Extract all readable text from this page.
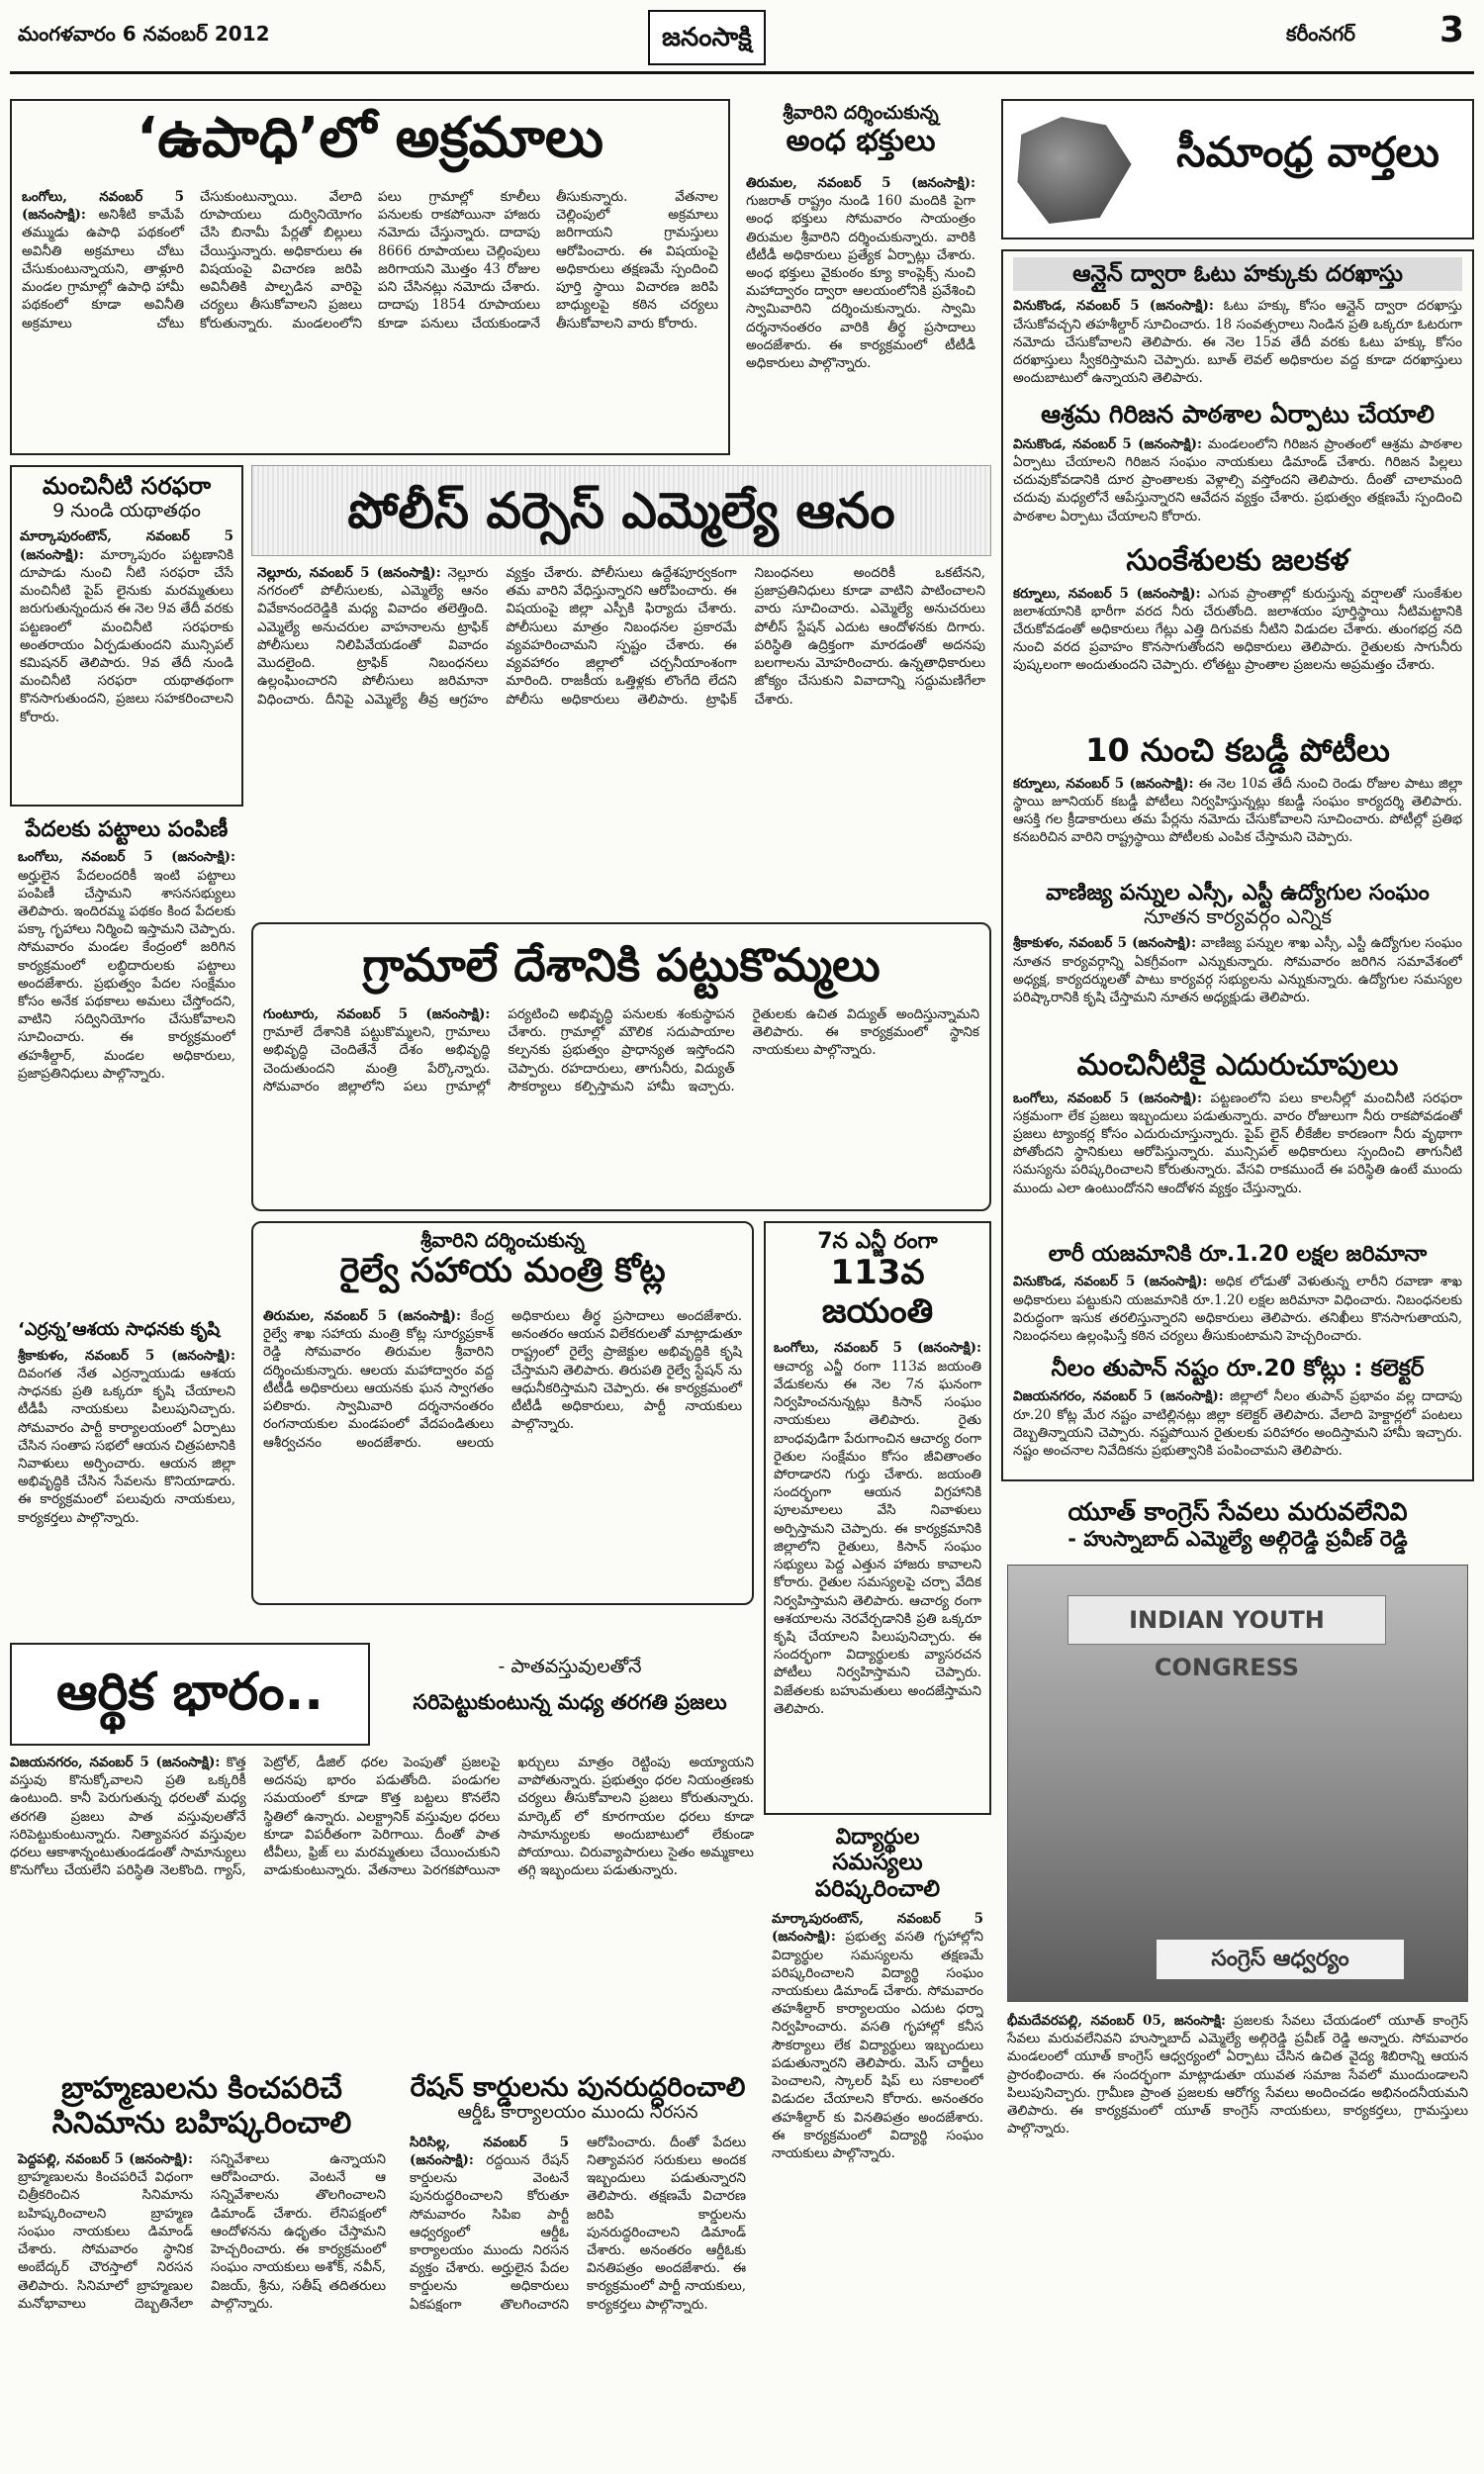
మంగళవారం 6 నవంబర్ 2012	జనంసాక్షి	కరీంనగర్ 3
‘ఉపాధి’లో అక్రమాలు
ఒంగోలు, నవంబర్ 5 (జనంసాక్షి): అనిశీటి కామేపే తమ్ముడు ఉపాధి పథకంలో అవినీతి అక్రమాలు చోటు చేసుకుంటున్నాయని, తాళ్లూరి మండల గ్రామాల్లో ఉపాధి హామీ పథకంలో కూడా అవినీతి అక్రమాలు చోటు చేసుకుంటున్నాయి. వేలాది రూపాయలు దుర్వినియోగం చేసి బినామీ పేర్లతో బిల్లులు చేయిస్తున్నారు. అధికారులు ఈ విషయంపై విచారణ జరిపి అవినీతికి పాల్పడిన వారిపై చర్యలు తీసుకోవాలని ప్రజలు కోరుతున్నారు. మండలంలోని పలు గ్రామాల్లో కూలీలు పనులకు రాకపోయినా హాజరు నమోదు చేస్తున్నారు. దాదాపు 8666 రూపాయలు చెల్లింపులు జరిగాయని మొత్తం 43 రోజుల పని చేసినట్లు నమోదు చేశారు. దాదాపు 1854 రూపాయలు కూడా పనులు చేయకుండానే తీసుకున్నారు. వేతనాల చెల్లింపులో అక్రమాలు జరిగాయని గ్రామస్తులు ఆరోపించారు. ఈ విషయంపై అధికారులు తక్షణమే స్పందించి పూర్తి స్థాయి విచారణ జరిపి బాధ్యులపై కఠిన చర్యలు తీసుకోవాలని వారు కోరారు.
శ్రీవారిని దర్శించుకున్న
అంధ భక్తులు
తిరుమల, నవంబర్ 5 (జనంసాక్షి): గుజరాత్ రాష్ట్రం నుండి 160 మందికి పైగా అంధ భక్తులు సోమవారం సాయంత్రం తిరుమల శ్రీవారిని దర్శించుకున్నారు. వారికి టీటీడీ అధికారులు ప్రత్యేక ఏర్పాట్లు చేశారు. అంధ భక్తులు వైకుంఠం క్యూ కాంప్లెక్స్ నుంచి మహాద్వారం ద్వారా ఆలయంలోనికి ప్రవేశించి స్వామివారిని దర్శించుకున్నారు. స్వామి దర్శనానంతరం వారికి తీర్థ ప్రసాదాలు అందజేశారు. ఈ కార్యక్రమంలో టీటీడీ అధికారులు పాల్గొన్నారు.
సీమాంధ్ర వార్తలు
ఆన్లైన్ ద్వారా ఓటు హక్కుకు దరఖాస్తు
వినుకొండ, నవంబర్ 5 (జనంసాక్షి): ఓటు హక్కు కోసం ఆన్లైన్ ద్వారా దరఖాస్తు చేసుకోవచ్చని తహశీల్దార్ సూచించారు. 18 సంవత్సరాలు నిండిన ప్రతి ఒక్కరూ ఓటరుగా నమోదు చేసుకోవాలని తెలిపారు. ఈ నెల 15వ తేదీ వరకు ఓటు హక్కు కోసం దరఖాస్తులు స్వీకరిస్తామని చెప్పారు. బూత్ లెవల్ అధికారుల వద్ద కూడా దరఖాస్తులు అందుబాటులో ఉన్నాయని తెలిపారు.
ఆశ్రమ గిరిజన పాఠశాల ఏర్పాటు చేయాలి
వినుకొండ, నవంబర్ 5 (జనంసాక్షి): మండలంలోని గిరిజన ప్రాంతంలో ఆశ్రమ పాఠశాల ఏర్పాటు చేయాలని గిరిజన సంఘం నాయకులు డిమాండ్ చేశారు. గిరిజన పిల్లలు చదువుకోవడానికి దూర ప్రాంతాలకు వెళ్లాల్సి వస్తోందని తెలిపారు. దీంతో చాలామంది చదువు మధ్యలోనే ఆపేస్తున్నారని ఆవేదన వ్యక్తం చేశారు. ప్రభుత్వం తక్షణమే స్పందించి పాఠశాల ఏర్పాటు చేయాలని కోరారు.
సుంకేశులకు జలకళ
కర్నూలు, నవంబర్ 5 (జనంసాక్షి): ఎగువ ప్రాంతాల్లో కురుస్తున్న వర్షాలతో సుంకేశుల జలాశయానికి భారీగా వరద నీరు చేరుతోంది. జలాశయం పూర్తిస్థాయి నీటిమట్టానికి చేరుకోవడంతో అధికారులు గేట్లు ఎత్తి దిగువకు నీటిని విడుదల చేశారు. తుంగభద్ర నది నుంచి వరద ప్రవాహం కొనసాగుతోందని అధికారులు తెలిపారు. రైతులకు సాగునీరు పుష్కలంగా అందుతుందని చెప్పారు. లోతట్టు ప్రాంతాల ప్రజలను అప్రమత్తం చేశారు.
10 నుంచి కబడ్డీ పోటీలు
కర్నూలు, నవంబర్ 5 (జనంసాక్షి): ఈ నెల 10వ తేదీ నుంచి రెండు రోజుల పాటు జిల్లా స్థాయి జూనియర్ కబడ్డీ పోటీలు నిర్వహిస్తున్నట్లు కబడ్డీ సంఘం కార్యదర్శి తెలిపారు. ఆసక్తి గల క్రీడాకారులు తమ పేర్లను నమోదు చేసుకోవాలని సూచించారు. పోటీల్లో ప్రతిభ కనబరిచిన వారిని రాష్ట్రస్థాయి పోటీలకు ఎంపిక చేస్తామని చెప్పారు.
వాణిజ్య పన్నుల ఎస్సీ, ఎస్టీ ఉద్యోగుల సంఘం
నూతన కార్యవర్గం ఎన్నిక
శ్రీకాకుళం, నవంబర్ 5 (జనంసాక్షి): వాణిజ్య పన్నుల శాఖ ఎస్సీ, ఎస్టీ ఉద్యోగుల సంఘం నూతన కార్యవర్గాన్ని ఏకగ్రీవంగా ఎన్నుకున్నారు. సోమవారం జరిగిన సమావేశంలో అధ్యక్ష, కార్యదర్శులతో పాటు కార్యవర్గ సభ్యులను ఎన్నుకున్నారు. ఉద్యోగుల సమస్యల పరిష్కారానికి కృషి చేస్తామని నూతన అధ్యక్షుడు తెలిపారు.
మంచినీటికై ఎదురుచూపులు
ఒంగోలు, నవంబర్ 5 (జనంసాక్షి): పట్టణంలోని పలు కాలనీల్లో మంచినీటి సరఫరా సక్రమంగా లేక ప్రజలు ఇబ్బందులు పడుతున్నారు. వారం రోజులుగా నీరు రాకపోవడంతో ప్రజలు ట్యాంకర్ల కోసం ఎదురుచూస్తున్నారు. పైప్ లైన్ లీకేజీల కారణంగా నీరు వృథాగా పోతోందని స్థానికులు ఆరోపిస్తున్నారు. మున్సిపల్ అధికారులు స్పందించి తాగునీటి సమస్యను పరిష్కరించాలని కోరుతున్నారు. వేసవి రాకముందే ఈ పరిస్థితి ఉంటే ముందు ముందు ఎలా ఉంటుందోనని ఆందోళన వ్యక్తం చేస్తున్నారు.
లారీ యజమానికి రూ.1.20 లక్షల జరిమానా
వినుకొండ, నవంబర్ 5 (జనంసాక్షి): అధిక లోడుతో వెళుతున్న లారీని రవాణా శాఖ అధికారులు పట్టుకుని యజమానికి రూ.1.20 లక్షల జరిమానా విధించారు. నిబంధనలకు విరుద్ధంగా ఇసుక తరలిస్తున్నారని అధికారులు తెలిపారు. తనిఖీలు కొనసాగుతాయని, నిబంధనలు ఉల్లంఘిస్తే కఠిన చర్యలు తీసుకుంటామని హెచ్చరించారు.
నీలం తుపాన్ నష్టం రూ.20 కోట్లు : కలెక్టర్
విజయనగరం, నవంబర్ 5 (జనంసాక్షి): జిల్లాలో నీలం తుపాన్ ప్రభావం వల్ల దాదాపు రూ.20 కోట్ల మేర నష్టం వాటిల్లినట్లు జిల్లా కలెక్టర్ తెలిపారు. వేలాది హెక్టార్లలో పంటలు దెబ్బతిన్నాయని చెప్పారు. నష్టపోయిన రైతులకు పరిహారం అందిస్తామని హామీ ఇచ్చారు. నష్టం అంచనాల నివేదికను ప్రభుత్వానికి పంపించామని తెలిపారు.
మంచినీటి సరఫరా
9 నుండి యథాతథం
మార్కాపురంటౌన్, నవంబర్ 5 (జనంసాక్షి): మార్కాపురం పట్టణానికి దూపాడు నుంచి నీటి సరఫరా చేసే మంచినీటి పైప్ లైనుకు మరమ్మతులు జరుగుతున్నందున ఈ నెల 9వ తేదీ వరకు పట్టణంలో మంచినీటి సరఫరాకు అంతరాయం ఏర్పడుతుందని మున్సిపల్ కమిషనర్ తెలిపారు. 9వ తేదీ నుండి మంచినీటి సరఫరా యథాతథంగా కొనసాగుతుందని, ప్రజలు సహకరించాలని కోరారు.
పేదలకు పట్టాలు పంపిణీ
ఒంగోలు, నవంబర్ 5 (జనంసాక్షి): అర్హులైన పేదలందరికీ ఇంటి పట్టాలు పంపిణీ చేస్తామని శాసనసభ్యులు తెలిపారు. ఇందిరమ్మ పథకం కింద పేదలకు పక్కా గృహాలు నిర్మించి ఇస్తామని చెప్పారు. సోమవారం మండల కేంద్రంలో జరిగిన కార్యక్రమంలో లబ్ధిదారులకు పట్టాలు అందజేశారు. ప్రభుత్వం పేదల సంక్షేమం కోసం అనేక పథకాలు అమలు చేస్తోందని, వాటిని సద్వినియోగం చేసుకోవాలని సూచించారు. ఈ కార్యక్రమంలో తహశీల్దార్, మండల అధికారులు, ప్రజాప్రతినిధులు పాల్గొన్నారు.
‘ఎర్రన్న’ఆశయ సాధనకు కృషి
శ్రీకాకుళం, నవంబర్ 5 (జనంసాక్షి): దివంగత నేత ఎర్రన్నాయుడు ఆశయ సాధనకు ప్రతి ఒక్కరూ కృషి చేయాలని టీడీపీ నాయకులు పిలుపునిచ్చారు. సోమవారం పార్టీ కార్యాలయంలో ఏర్పాటు చేసిన సంతాప సభలో ఆయన చిత్రపటానికి నివాళులు అర్పించారు. ఆయన జిల్లా అభివృద్ధికి చేసిన సేవలను కొనియాడారు. ఈ కార్యక్రమంలో పలువురు నాయకులు, కార్యకర్తలు పాల్గొన్నారు.
పోలీస్ వర్సెస్ ఎమ్మెల్యే ఆనం
నెల్లూరు, నవంబర్ 5 (జనంసాక్షి): నెల్లూరు నగరంలో పోలీసులకు, ఎమ్మెల్యే ఆనం వివేకానందరెడ్డికి మధ్య వివాదం తలెత్తింది. ఎమ్మెల్యే అనుచరుల వాహనాలను ట్రాఫిక్ పోలీసులు నిలిపివేయడంతో వివాదం మొదలైంది. ట్రాఫిక్ నిబంధనలు ఉల్లంఘించారని పోలీసులు జరిమానా విధించారు. దీనిపై ఎమ్మెల్యే తీవ్ర ఆగ్రహం వ్యక్తం చేశారు. పోలీసులు ఉద్దేశపూర్వకంగా తమ వారిని వేధిస్తున్నారని ఆరోపించారు. ఈ విషయంపై జిల్లా ఎస్పీకి ఫిర్యాదు చేశారు. పోలీసులు మాత్రం నిబంధనల ప్రకారమే వ్యవహరించామని స్పష్టం చేశారు. ఈ వ్యవహారం జిల్లాలో చర్చనీయాంశంగా మారింది. రాజకీయ ఒత్తిళ్లకు లొంగేది లేదని పోలీసు అధికారులు తెలిపారు. ట్రాఫిక్ నిబంధనలు అందరికీ ఒకటేనని, ప్రజాప్రతినిధులు కూడా వాటిని పాటించాలని వారు సూచించారు. ఎమ్మెల్యే అనుచరులు పోలీస్ స్టేషన్ ఎదుట ఆందోళనకు దిగారు. పరిస్థితి ఉద్రిక్తంగా మారడంతో అదనపు బలగాలను మోహరించారు. ఉన్నతాధికారులు జోక్యం చేసుకుని వివాదాన్ని సద్దుమణిగేలా చేశారు.
గ్రామాలే దేశానికి పట్టుకొమ్మలు
గుంటూరు, నవంబర్ 5 (జనంసాక్షి): గ్రామాలే దేశానికి పట్టుకొమ్మలని, గ్రామాలు అభివృద్ధి చెందితేనే దేశం అభివృద్ధి చెందుతుందని మంత్రి పేర్కొన్నారు. సోమవారం జిల్లాలోని పలు గ్రామాల్లో పర్యటించి అభివృద్ధి పనులకు శంకుస్థాపన చేశారు. గ్రామాల్లో మౌలిక సదుపాయాల కల్పనకు ప్రభుత్వం ప్రాధాన్యత ఇస్తోందని చెప్పారు. రహదారులు, తాగునీరు, విద్యుత్ సౌకర్యాలు కల్పిస్తామని హామీ ఇచ్చారు. రైతులకు ఉచిత విద్యుత్ అందిస్తున్నామని తెలిపారు. ఈ కార్యక్రమంలో స్థానిక నాయకులు పాల్గొన్నారు.
శ్రీవారిని దర్శించుకున్న
రైల్వే సహాయ మంత్రి కోట్ల
తిరుమల, నవంబర్ 5 (జనంసాక్షి): కేంద్ర రైల్వే శాఖ సహాయ మంత్రి కోట్ల సూర్యప్రకాశ్ రెడ్డి సోమవారం తిరుమల శ్రీవారిని దర్శించుకున్నారు. ఆలయ మహాద్వారం వద్ద టీటీడీ అధికారులు ఆయనకు ఘన స్వాగతం పలికారు. స్వామివారి దర్శనానంతరం రంగనాయకుల మండపంలో వేదపండితులు ఆశీర్వచనం అందజేశారు. ఆలయ అధికారులు తీర్థ ప్రసాదాలు అందజేశారు. అనంతరం ఆయన విలేకరులతో మాట్లాడుతూ రాష్ట్రంలో రైల్వే ప్రాజెక్టుల అభివృద్ధికి కృషి చేస్తామని తెలిపారు. తిరుపతి రైల్వే స్టేషన్ ను ఆధునీకరిస్తామని చెప్పారు. ఈ కార్యక్రమంలో టీటీడీ అధికారులు, పార్టీ నాయకులు పాల్గొన్నారు.
7న ఎన్జీ రంగా
113వ జయంతి
ఒంగోలు, నవంబర్ 5 (జనంసాక్షి): ఆచార్య ఎన్జీ రంగా 113వ జయంతి వేడుకలను ఈ నెల 7న ఘనంగా నిర్వహించనున్నట్లు కిసాన్ సంఘం నాయకులు తెలిపారు. రైతు బాంధవుడిగా పేరుగాంచిన ఆచార్య రంగా రైతుల సంక్షేమం కోసం జీవితాంతం పోరాడారని గుర్తు చేశారు. జయంతి సందర్భంగా ఆయన విగ్రహానికి పూలమాలలు వేసి నివాళులు అర్పిస్తామని చెప్పారు. ఈ కార్యక్రమానికి జిల్లాలోని రైతులు, కిసాన్ సంఘం సభ్యులు పెద్ద ఎత్తున హాజరు కావాలని కోరారు. రైతుల సమస్యలపై చర్చా వేదిక నిర్వహిస్తామని తెలిపారు. ఆచార్య రంగా ఆశయాలను నెరవేర్చడానికి ప్రతి ఒక్కరూ కృషి చేయాలని పిలుపునిచ్చారు. ఈ సందర్భంగా విద్యార్థులకు వ్యాసరచన పోటీలు నిర్వహిస్తామని చెప్పారు. విజేతలకు బహుమతులు అందజేస్తామని తెలిపారు.
విద్యార్థుల
సమస్యలు పరిష్కరించాలి
మార్కాపురంటౌన్, నవంబర్ 5 (జనంసాక్షి): ప్రభుత్వ వసతి గృహాల్లోని విద్యార్థుల సమస్యలను తక్షణమే పరిష్కరించాలని విద్యార్థి సంఘం నాయకులు డిమాండ్ చేశారు. సోమవారం తహశీల్దార్ కార్యాలయం ఎదుట ధర్నా నిర్వహించారు. వసతి గృహాల్లో కనీస సౌకర్యాలు లేక విద్యార్థులు ఇబ్బందులు పడుతున్నారని తెలిపారు. మెస్ చార్జీలు పెంచాలని, స్కాలర్ షిప్ లు సకాలంలో విడుదల చేయాలని కోరారు. అనంతరం తహశీల్దార్ కు వినతిపత్రం అందజేశారు. ఈ కార్యక్రమంలో విద్యార్థి సంఘం నాయకులు పాల్గొన్నారు.
ఆర్థిక భారం..	- పాతవస్తువులతోనే
సరిపెట్టుకుంటున్న మధ్య తరగతి ప్రజలు
విజయనగరం, నవంబర్ 5 (జనంసాక్షి): కొత్త వస్తువు కొనుక్కోవాలని ప్రతి ఒక్కరికీ ఉంటుంది. కానీ పెరుగుతున్న ధరలతో మధ్య తరగతి ప్రజలు పాత వస్తువులతోనే సరిపెట్టుకుంటున్నారు. నిత్యావసర వస్తువుల ధరలు ఆకాశాన్నంటుతుండడంతో సామాన్యులు కొనుగోలు చేయలేని పరిస్థితి నెలకొంది. గ్యాస్, పెట్రోల్, డీజిల్ ధరల పెంపుతో ప్రజలపై అదనపు భారం పడుతోంది. పండుగల సమయంలో కూడా కొత్త బట్టలు కొనలేని స్థితిలో ఉన్నారు. ఎలక్ట్రానిక్ వస్తువుల ధరలు కూడా విపరీతంగా పెరిగాయి. దీంతో పాత టీవీలు, ఫ్రిజ్ లు మరమ్మతులు చేయించుకుని వాడుకుంటున్నారు. వేతనాలు పెరగకపోయినా ఖర్చులు మాత్రం రెట్టింపు అయ్యాయని వాపోతున్నారు. ప్రభుత్వం ధరల నియంత్రణకు చర్యలు తీసుకోవాలని ప్రజలు కోరుతున్నారు. మార్కెట్ లో కూరగాయల ధరలు కూడా సామాన్యులకు అందుబాటులో లేకుండా పోయాయి. చిరువ్యాపారులు సైతం అమ్మకాలు తగ్గి ఇబ్బందులు పడుతున్నారు.
బ్రాహ్మణులను కించపరిచే
సినిమాను బహిష్కరించాలి
పెద్దపల్లి, నవంబర్ 5 (జనంసాక్షి): బ్రాహ్మణులను కించపరిచే విధంగా చిత్రీకరించిన సినిమాను బహిష్కరించాలని బ్రాహ్మణ సంఘం నాయకులు డిమాండ్ చేశారు. సోమవారం స్థానిక అంబేద్కర్ చౌరస్తాలో నిరసన తెలిపారు. సినిమాలో బ్రాహ్మణుల మనోభావాలు దెబ్బతినేలా సన్నివేశాలు ఉన్నాయని ఆరోపించారు. వెంటనే ఆ సన్నివేశాలను తొలగించాలని డిమాండ్ చేశారు. లేనిపక్షంలో ఆందోళనను ఉధృతం చేస్తామని హెచ్చరించారు. ఈ కార్యక్రమంలో సంఘం నాయకులు అశోక్, నవీన్, విజయ్, శ్రీను, సతీష్ తదితరులు పాల్గొన్నారు.
రేషన్ కార్డులను పునరుద్ధరించాలి
ఆర్డీఓ కార్యాలయం ముందు నిరసన
సిరిసిల్ల, నవంబర్ 5 (జనంసాక్షి): రద్దయిన రేషన్ కార్డులను వెంటనే పునరుద్ధరించాలని కోరుతూ సోమవారం సిపిఐ పార్టీ ఆధ్వర్యంలో ఆర్డీఓ కార్యాలయం ముందు నిరసన వ్యక్తం చేశారు. అర్హులైన పేదల కార్డులను అధికారులు ఏకపక్షంగా తొలగించారని ఆరోపించారు. దీంతో పేదలు నిత్యావసర సరుకులు అందక ఇబ్బందులు పడుతున్నారని తెలిపారు. తక్షణమే విచారణ జరిపి కార్డులను పునరుద్ధరించాలని డిమాండ్ చేశారు. అనంతరం ఆర్డీఓకు వినతిపత్రం అందజేశారు. ఈ కార్యక్రమంలో పార్టీ నాయకులు, కార్యకర్తలు పాల్గొన్నారు.
యూత్ కాంగ్రెస్ సేవలు మరువలేనివి
- హుస్నాబాద్ ఎమ్మెల్యే అల్గిరెడ్డి ప్రవీణ్ రెడ్డి
INDIAN YOUTH CONGRESS
సంగ్రెస్ ఆధ్వర్యం
భీమదేవరపల్లి, నవంబర్ 05, జనంసాక్షి: ప్రజలకు సేవలు చేయడంలో యూత్ కాంగ్రెస్ సేవలు మరువలేనివని హుస్నాబాద్ ఎమ్మెల్యే అల్గిరెడ్డి ప్రవీణ్ రెడ్డి అన్నారు. సోమవారం మండలంలో యూత్ కాంగ్రెస్ ఆధ్వర్యంలో ఏర్పాటు చేసిన ఉచిత వైద్య శిబిరాన్ని ఆయన ప్రారంభించారు. ఈ సందర్భంగా మాట్లాడుతూ యువత సమాజ సేవలో ముందుండాలని పిలుపునిచ్చారు. గ్రామీణ ప్రాంత ప్రజలకు ఆరోగ్య సేవలు అందించడం అభినందనీయమని తెలిపారు. ఈ కార్యక్రమంలో యూత్ కాంగ్రెస్ నాయకులు, కార్యకర్తలు, గ్రామస్తులు పాల్గొన్నారు.
